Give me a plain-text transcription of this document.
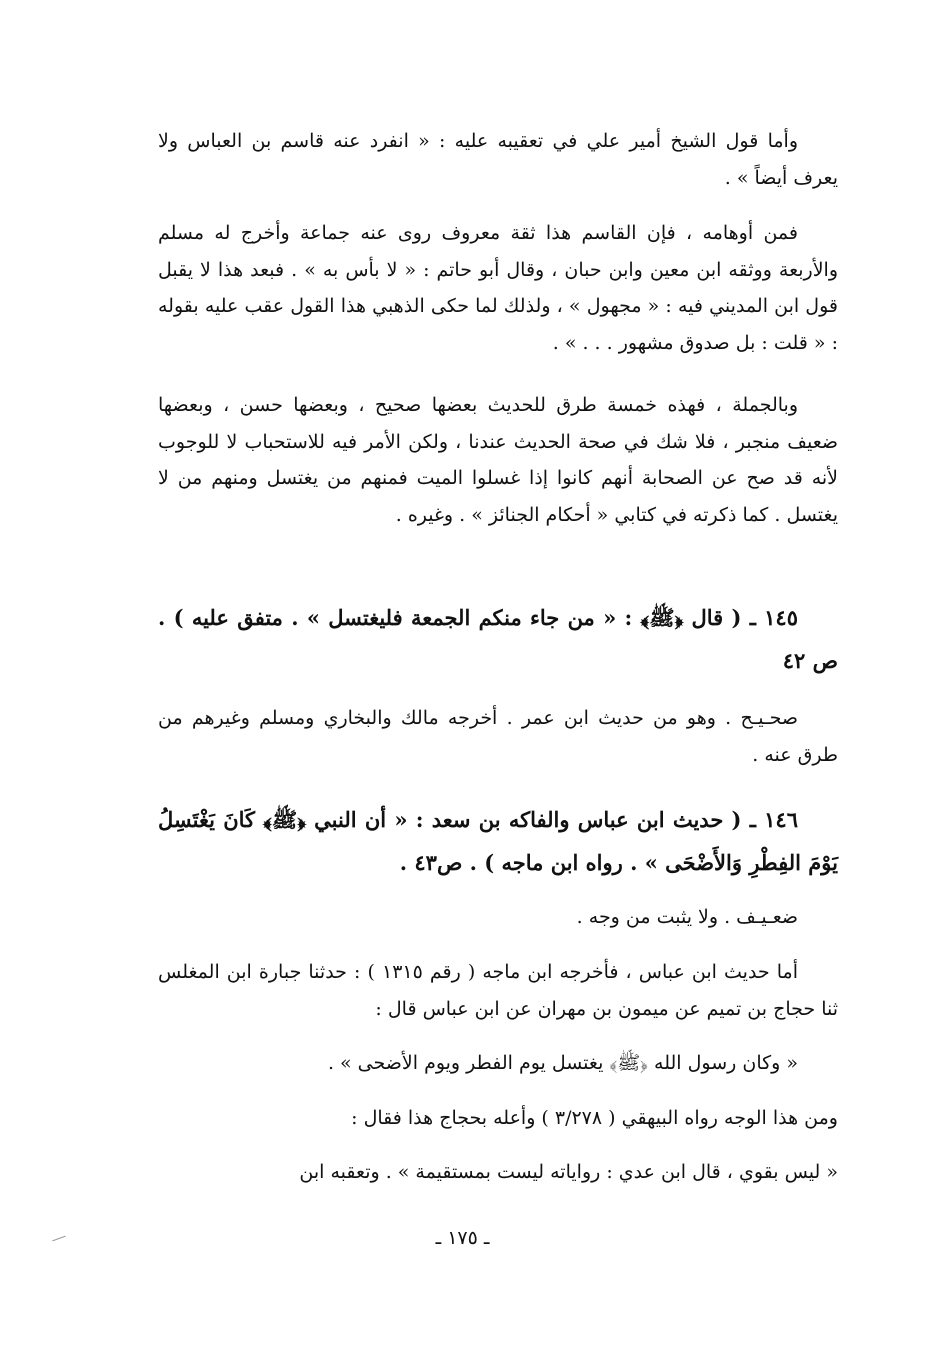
وأما قول الشيخ أمير علي في تعقيبه عليه : « انفرد عنه قاسم بن العباس ولا يعرف أيضاً » .
فمن أوهامه ، فإن القاسم هذا ثقة معروف روى عنه جماعة وأخرج له مسلم والأربعة ووثقه ابن معين وابن حبان ، وقال أبو حاتم : « لا بأس به » . فبعد هذا لا يقبل قول ابن المديني فيه : « مجهول » ، ولذلك لما حكى الذهبي هذا القول عقب عليه بقوله : « قلت : بل صدوق مشهور . . . » .
وبالجملة ، فهذه خمسة طرق للحديث بعضها صحيح ، وبعضها حسن ، وبعضها ضعيف منجبر ، فلا شك في صحة الحديث عندنا ، ولكن الأمر فيه للاستحباب لا للوجوب لأنه قد صح عن الصحابة أنهم كانوا إذا غسلوا الميت فمنهم من يغتسل ومنهم من لا يغتسل . كما ذكرته في كتابي « أحكام الجنائز » . وغيره .
١٤٥ ـ ( قال ﴿ﷺ﴾ : « من جاء منكم الجمعة فليغتسل » . متفق عليه ) . ص ٤٢
صحـيـح . وهو من حديث ابن عمر . أخرجه مالك والبخاري ومسلم وغيرهم من طرق عنه .
١٤٦ ـ ( حديث ابن عباس والفاكه بن سعد : « أن النبي ﴿ﷺ﴾ كَانَ يَغْتَسِلُ يَوْمَ الفِطْرِ وَالأَضْحَى » . رواه ابن ماجه ) . ص٤٣ .
ضعـيـف . ولا يثبت من وجه .
أما حديث ابن عباس ، فأخرجه ابن ماجه ( رقم ١٣١٥ ) : حدثنا جبارة ابن المغلس ثنا حجاج بن تميم عن ميمون بن مهران عن ابن عباس قال :
« وكان رسول الله ﴿ﷺ﴾ يغتسل يوم الفطر ويوم الأضحى » .
ومن هذا الوجه رواه البيهقي ( ٣/٢٧٨ ) وأعله بحجاج هذا فقال :
« ليس بقوي ، قال ابن عدي : رواياته ليست بمستقيمة » . وتعقبه ابن
ـ ١٧٥ ـ
